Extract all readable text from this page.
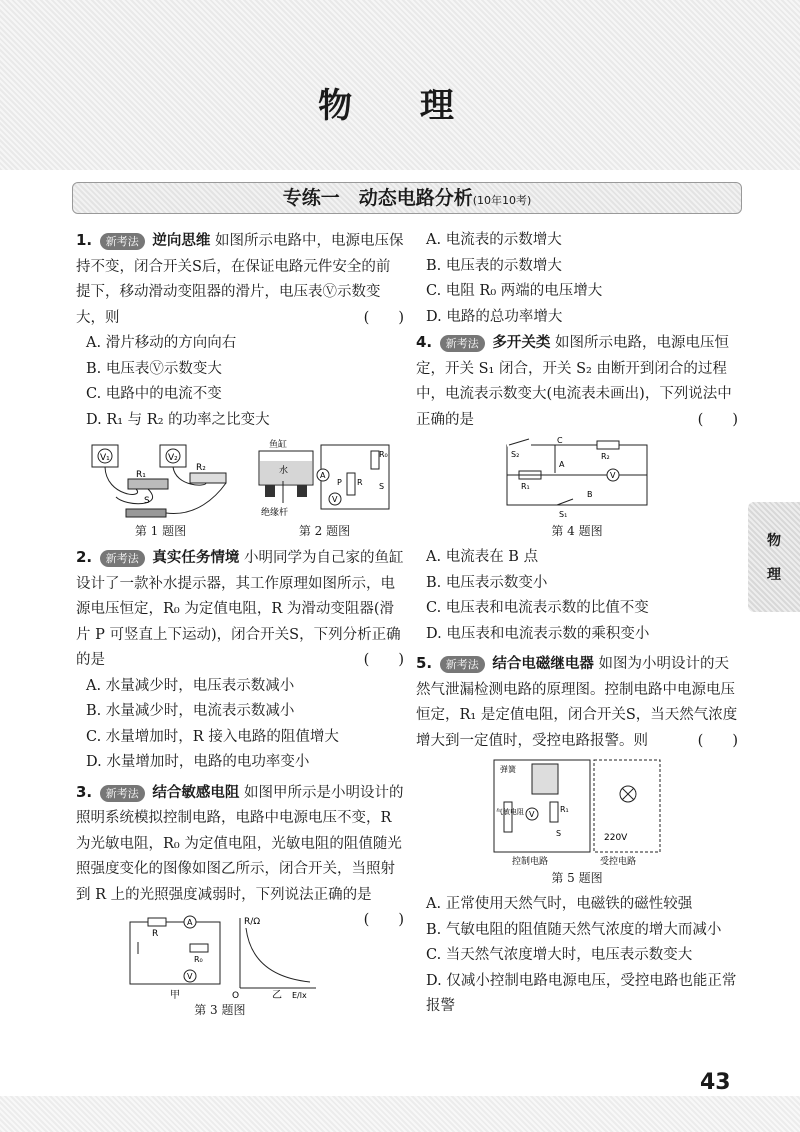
物 理
专练一　动态电路分析(10年10考)
1. 新考法 逆向思维 如图所示电路中，电源电压保持不变，闭合开关S后，在保证电路元件安全的前提下，移动滑动变阻器的滑片，电压表Ⓥ示数变大，则	(　　)
A. 滑片移动的方向向右
B. 电压表Ⓥ示数变大
C. 电路中的电流不变
D. R₁ 与 R₂ 的功率之比变大
V₁	V₂
R₁
R₂
S
第 1 题图
鱼缸
水
绝缘杆
R₀
A
P R
V
S
第 2 题图
2. 新考法 真实任务情境 小明同学为自己家的鱼缸设计了一款补水提示器，其工作原理如图所示，电源电压恒定，R₀ 为定值电阻，R 为滑动变阻器(滑片 P 可竖直上下运动)，闭合开关S，下列分析正确的是	(　　)
A. 水量减少时，电压表示数减小
B. 水量减少时，电流表示数减小
C. 水量增加时，R 接入电路的阻值增大
D. 水量增加时，电路的电功率变小
3. 新考法 结合敏感电阻 如图甲所示是小明设计的照明系统模拟控制电路，电路中电源电压不变，R 为光敏电阻，R₀ 为定值电阻，光敏电阻的阻值随光照强度变化的图像如图乙所示，闭合开关，当照射到 R 上的光照强度减弱时，下列说法正确的是
(　　)
R
A
R₀
V
甲
R/Ω
O	E/lx
乙
第 3 题图
A. 电流表的示数增大
B. 电压表的示数增大
C. 电阻 R₀ 两端的电压增大
D. 电路的总功率增大
4. 新考法 多开关类 如图所示电路，电源电压恒定，开关 S₁ 闭合，开关 S₂ 由断开到闭合的过程中，电流表示数变大(电流表未画出)，下列说法中正确的是	(　　)
S₂
C
A
R₂
R₁
V
B
S₁
第 4 题图
A. 电流表在 B 点
B. 电压表示数变小
C. 电压表和电流表示数的比值不变
D. 电压表和电流表示数的乘积变小
5. 新考法 结合电磁继电器 如图为小明设计的天然气泄漏检测电路的原理图。控制电路中电源电压恒定，R₁ 是定值电阻，闭合开关S，当天然气浓度增大到一定值时，受控电路报警。则	(　　)
弹簧
气敏电阻	R₁
V
S	220V
控制电路	受控电路
第 5 题图
A. 正常使用天然气时，电磁铁的磁性较强
B. 气敏电阻的阻值随天然气浓度的增大而减小
C. 当天然气浓度增大时，电压表示数变大
D. 仅减小控制电路电源电压，受控电路也能正常报警
物
理
43
